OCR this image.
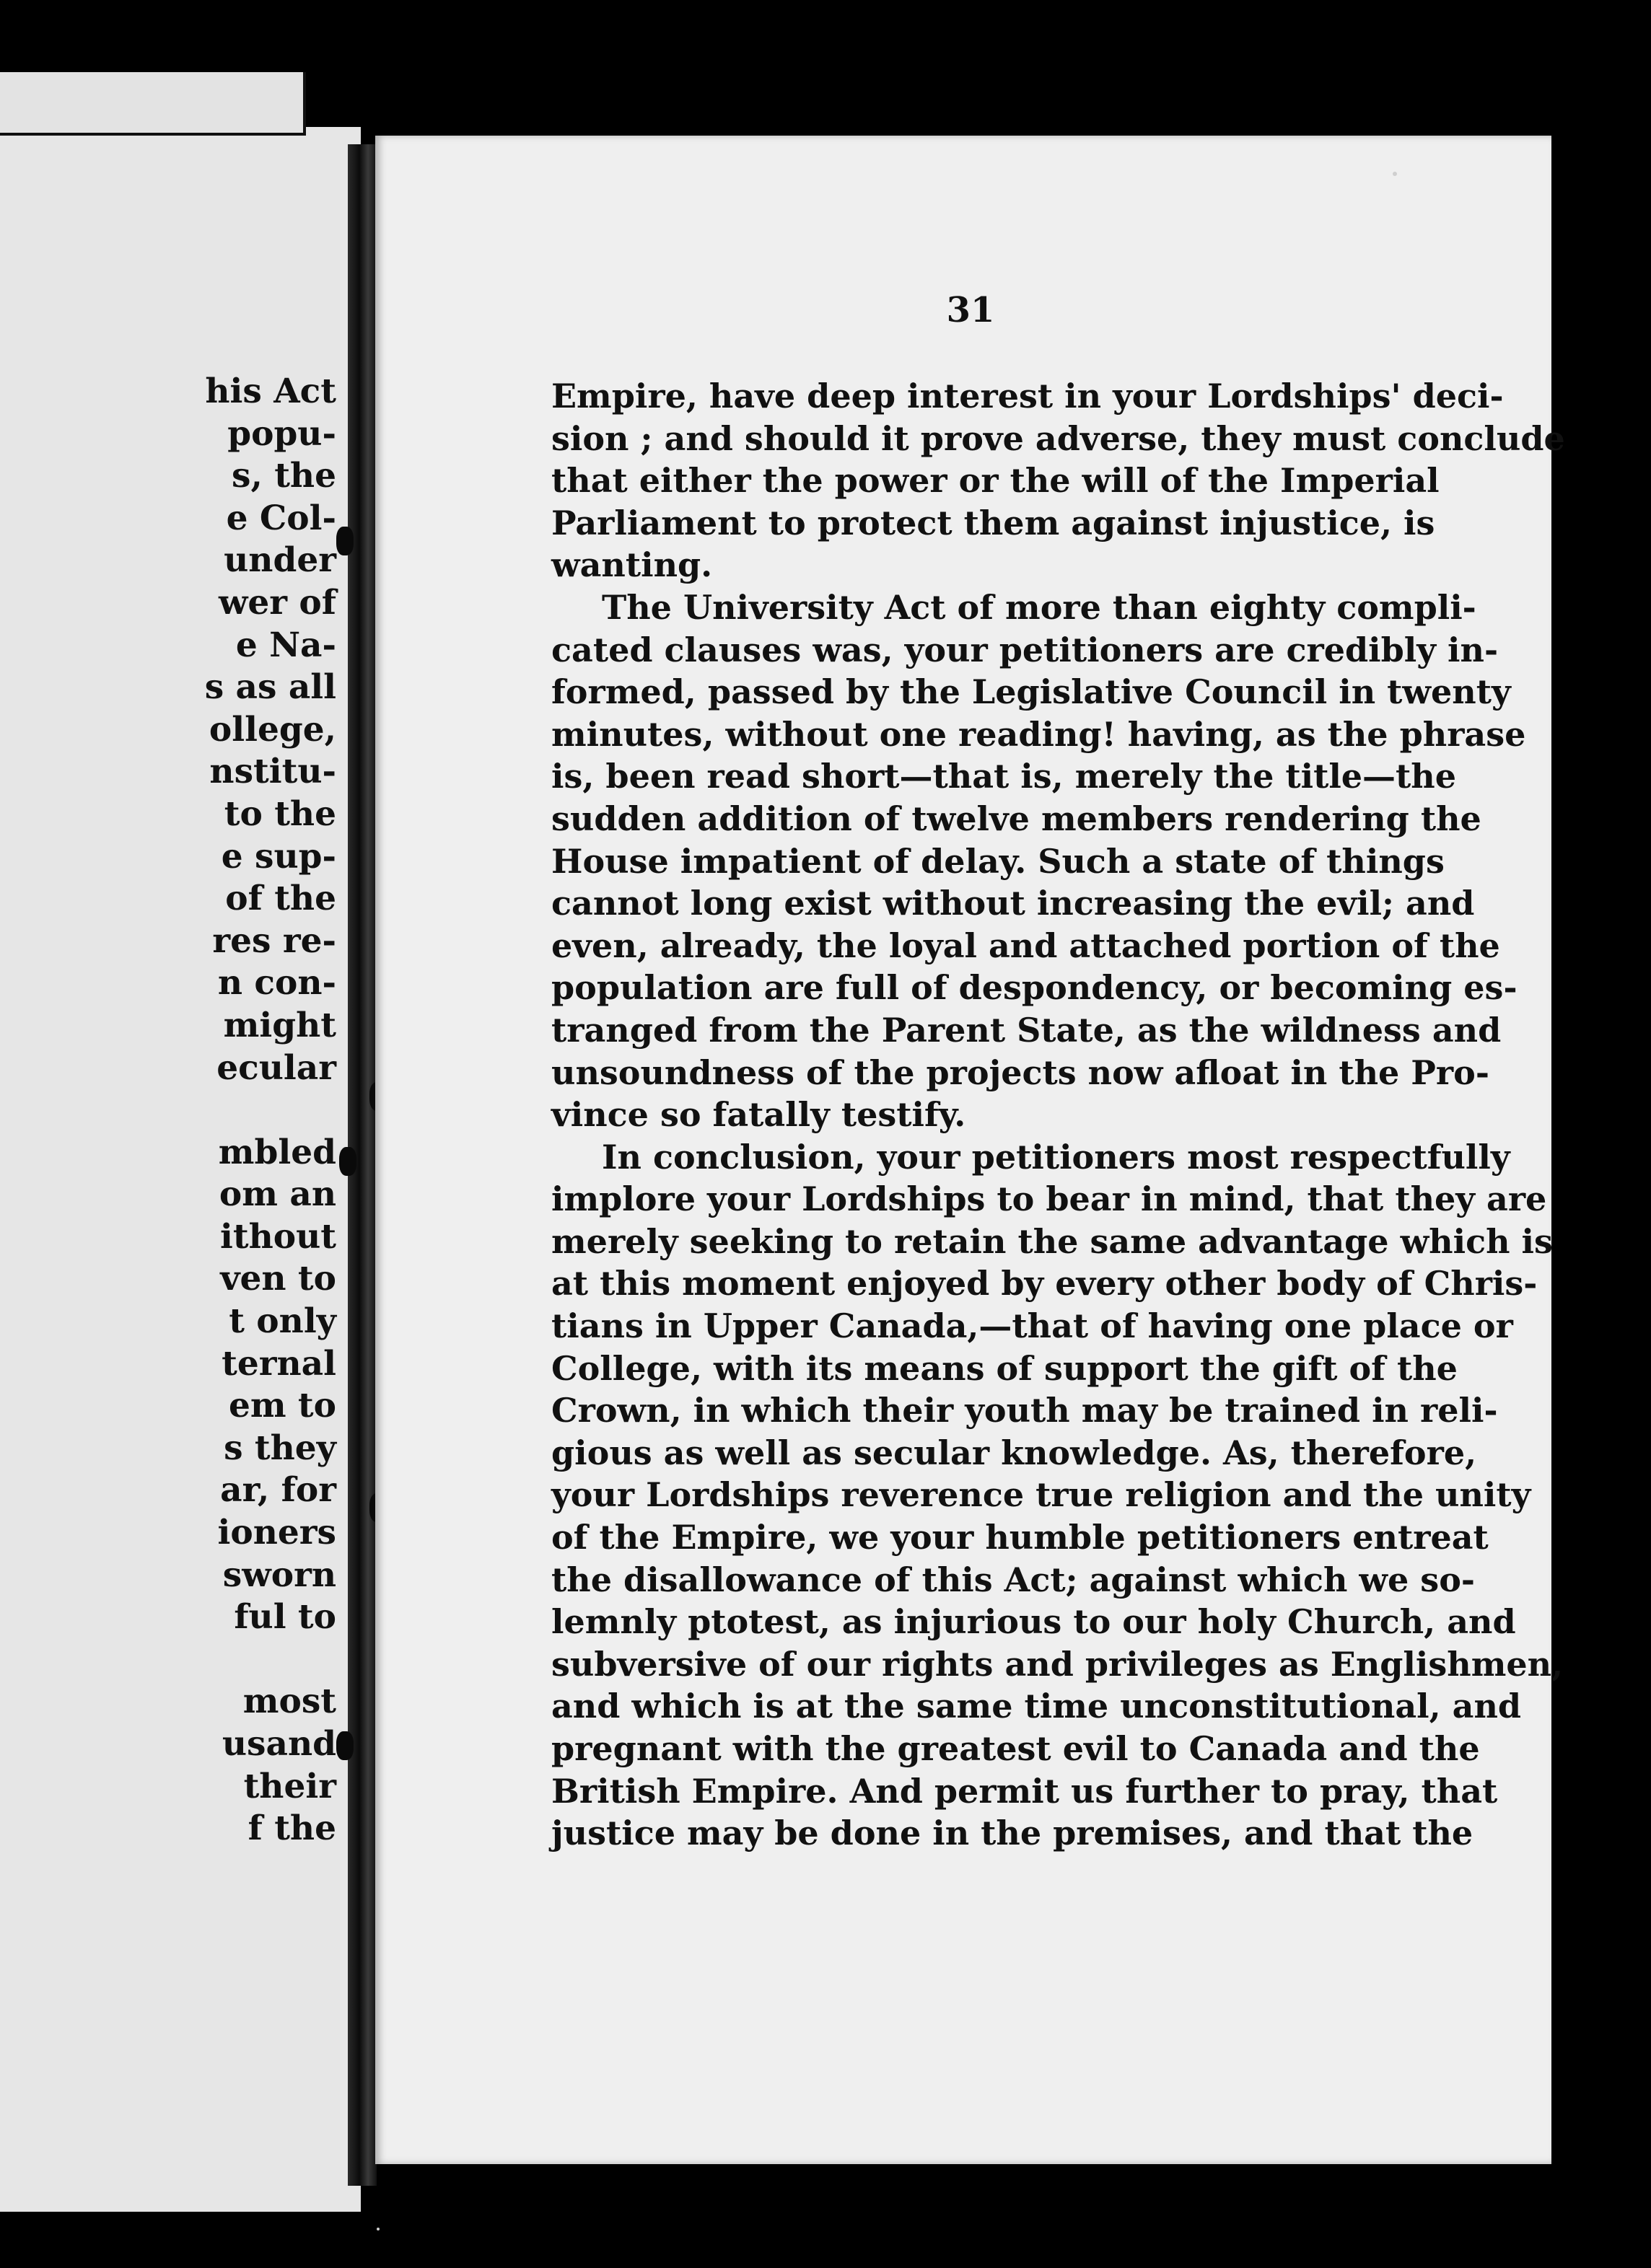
his Act
popu-
s, the
e Col-
under
wer of
e Na-
s as all
ollege,
nstitu-
to the
e sup-
of the
res re-
n con-
might
ecular
mbled
om an
ithout
ven to
t only
ternal
em to
s they
ar, for
ioners
sworn
ful to
most
usand
their
f the
31
Empire, have deep interest in your Lordships' deci-
sion ; and should it prove adverse, they must conclude
that either the power or the will of the Imperial
Parliament to protect them against injustice, is
wanting.
The University Act of more than eighty compli-
cated clauses was, your petitioners are credibly in-
formed, passed by the Legislative Council in twenty
minutes, without one reading! having, as the phrase
is, been read short—that is, merely the title—the
sudden addition of twelve members rendering the
House impatient of delay. Such a state of things
cannot long exist without increasing the evil; and
even, already, the loyal and attached portion of the
population are full of despondency, or becoming es-
tranged from the Parent State, as the wildness and
unsoundness of the projects now afloat in the Pro-
vince so fatally testify.
In conclusion, your petitioners most respectfully
implore your Lordships to bear in mind, that they are
merely seeking to retain the same advantage which is
at this moment enjoyed by every other body of Chris-
tians in Upper Canada,—that of having one place or
College, with its means of support the gift of the
Crown, in which their youth may be trained in reli-
gious as well as secular knowledge. As, therefore,
your Lordships reverence true religion and the unity
of the Empire, we your humble petitioners entreat
the disallowance of this Act; against which we so-
lemnly ptotest, as injurious to our holy Church, and
subversive of our rights and privileges as Englishmen,
and which is at the same time unconstitutional, and
pregnant with the greatest evil to Canada and the
British Empire. And permit us further to pray, that
justice may be done in the premises, and that the
